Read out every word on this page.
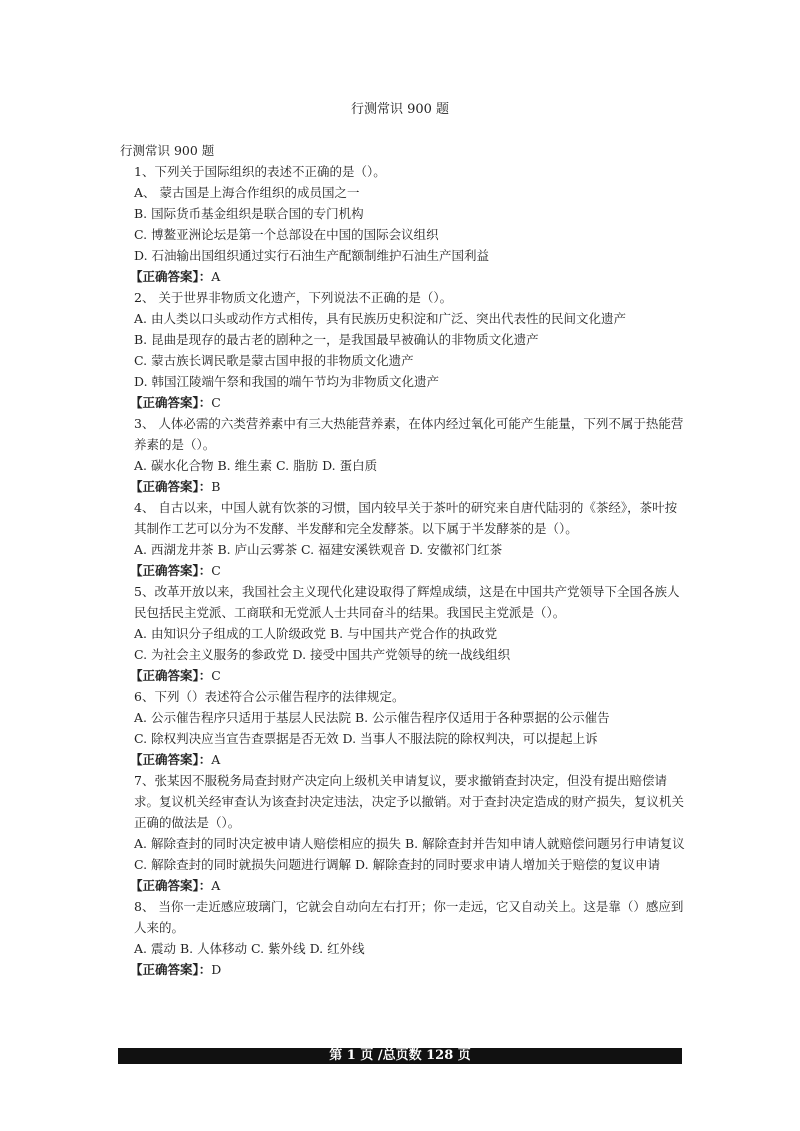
行测常识 900 题
行测常识 900 题
1、下列关于国际组织的表述不正确的是（）。
A、 蒙古国是上海合作组织的成员国之一
B. 国际货币基金组织是联合国的专门机构
C. 博鳌亚洲论坛是第一个总部设在中国的国际会议组织
D. 石油输出国组织通过实行石油生产配额制维护石油生产国利益
【正确答案】：A
2、 关于世界非物质文化遗产，下列说法不正确的是（）。
A. 由人类以口头或动作方式相传，具有民族历史积淀和广泛、突出代表性的民间文化遗产
B. 昆曲是现存的最古老的剧种之一，是我国最早被确认的非物质文化遗产
C. 蒙古族长调民歌是蒙古国申报的非物质文化遗产
D. 韩国江陵端午祭和我国的端午节均为非物质文化遗产
【正确答案】：C
3、 人体必需的六类营养素中有三大热能营养素，在体内经过氧化可能产生能量，下列不属于热能营养素的是（）。
A. 碳水化合物 B. 维生素 C. 脂肪 D. 蛋白质
【正确答案】：B
4、 自古以来，中国人就有饮茶的习惯，国内较早关于茶叶的研究来自唐代陆羽的《茶经》，茶叶按其制作工艺可以分为不发酵、半发酵和完全发酵茶。以下属于半发酵茶的是（）。
A. 西湖龙井茶 B. 庐山云雾茶 C. 福建安溪铁观音 D. 安徽祁门红茶
【正确答案】：C
5、改革开放以来，我国社会主义现代化建设取得了辉煌成绩，这是在中国共产党领导下全国各族人民包括民主党派、工商联和无党派人士共同奋斗的结果。我国民主党派是（）。
A. 由知识分子组成的工人阶级政党 B. 与中国共产党合作的执政党
C. 为社会主义服务的参政党 D. 接受中国共产党领导的统一战线组织
【正确答案】：C
6、下列（）表述符合公示催告程序的法律规定。
A. 公示催告程序只适用于基层人民法院 B. 公示催告程序仅适用于各种票据的公示催告
C. 除权判决应当宣告查票据是否无效 D. 当事人不服法院的除权判决，可以提起上诉
【正确答案】：A
7、张某因不服税务局查封财产决定向上级机关申请复议，要求撤销查封决定，但没有提出赔偿请求。复议机关经审查认为该查封决定违法，决定予以撤销。对于查封决定造成的财产损失，复议机关正确的做法是（）。
A. 解除查封的同时决定被申请人赔偿相应的损失 B. 解除查封并告知申请人就赔偿问题另行申请复议
C. 解除查封的同时就损失问题进行调解 D. 解除查封的同时要求申请人增加关于赔偿的复议申请
【正确答案】：A
8、 当你一走近感应玻璃门，它就会自动向左右打开；你一走远，它又自动关上。这是靠（）感应到人来的。
A. 震动 B. 人体移动 C. 紫外线 D. 红外线
【正确答案】：D
第 1 页 /总页数 128 页
